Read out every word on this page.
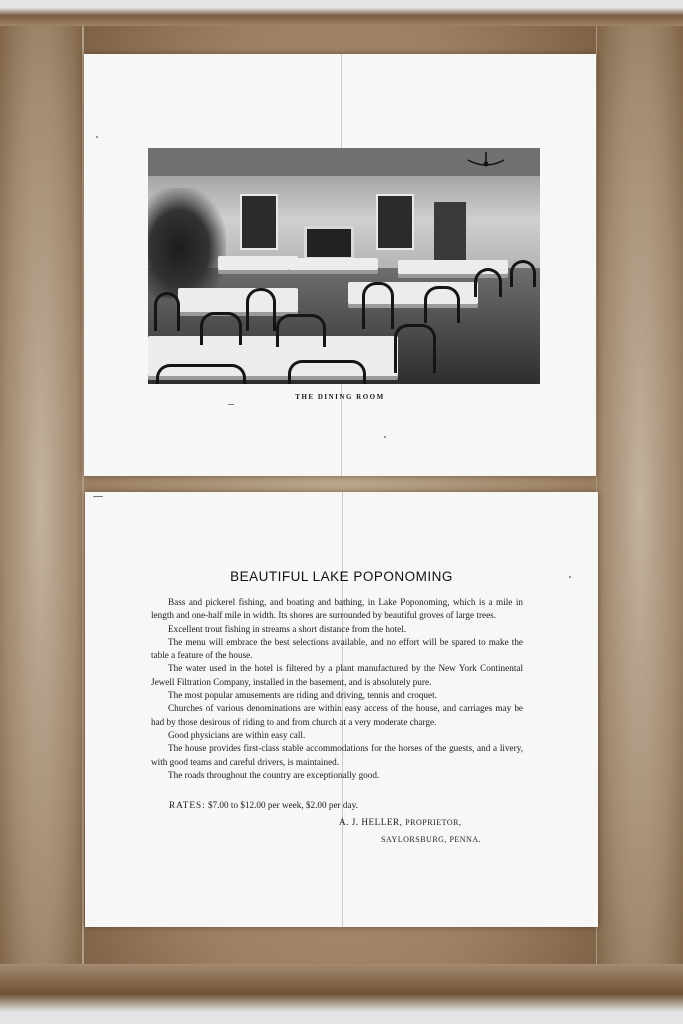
THE DINING ROOM
BEAUTIFUL LAKE POPONOMING

Bass and pickerel fishing, and boating and bathing, in Lake Poponoming, which is a mile in length and one-half mile in width. Its shores are surrounded by beautiful groves of large trees.

Excellent trout fishing in streams a short distance from the hotel.

The menu will embrace the best selections available, and no effort will be spared to make the table a feature of the house.

The water used in the hotel is filtered by a plant manufactured by the New York Continental Jewell Filtration Company, installed in the basement, and is absolutely pure.

The most popular amusements are riding and driving, tennis and croquet.

Churches of various denominations are within easy access of the house, and carriages may be had by those desirous of riding to and from church at a very moderate charge.

Good physicians are within easy call.

The house provides first-class stable accommodations for the horses of the guests, and a livery, with good teams and careful drivers, is maintained.

The roads throughout the country are exceptionally good.

RATES: $7.00 to $12.00 per week, $2.00 per day.
A. J. HELLER, PROPRIETOR,
SAYLORSBURG, PENNA.
